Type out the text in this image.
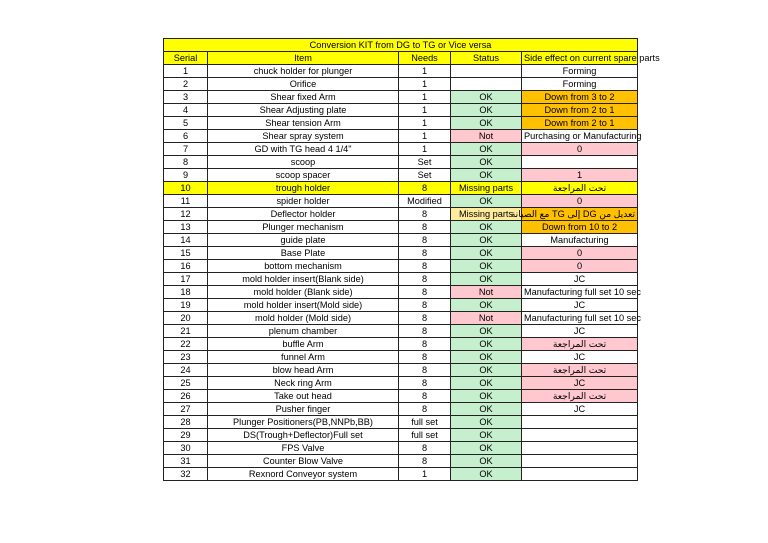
Conversion KIT from DG to TG or Vice versa				
Serial	Item	Needs	Status	Side effect on current spare parts
1	chuck holder for plunger	1		Forming
2	Orifice	1		Forming
3	Shear fixed Arm	1	OK	Down from 3 to 2
4	Shear Adjusting plate	1	OK	Down from 2 to 1
5	Shear tension Arm	1	OK	Down from 2 to 1
6	Shear spray system	1	Not	Purchasing or Manufacturing
7	GD with TG head 4 1/4"	1	OK	0
8	scoop	Set	OK	
9	scoop spacer	Set	OK	1
10	trough holder	8	Missing parts	تحت المراجعة
11	spider holder	Modified	OK	0
12	Deflector holder	8	Missing parts	تعديل من DG إلى TG مع الصيانة
13	Plunger mechanism	8	OK	Down from 10 to 2
14	guide plate	8	OK	Manufacturing
15	Base Plate	8	OK	0
16	bottom mechanism	8	OK	0
17	mold holder insert(Blank side)	8	OK	JC
18	mold holder (Blank side)	8	Not	Manufacturing full set 10 sec
19	mold holder insert(Mold side)	8	OK	JC
20	mold holder (Mold side)	8	Not	Manufacturing full set 10 sec
21	plenum chamber	8	OK	JC
22	buffle Arm	8	OK	تحت المراجعة
23	funnel Arm	8	OK	JC
24	blow head Arm	8	OK	تحت المراجعة
25	Neck ring Arm	8	OK	JC
26	Take out head	8	OK	تحت المراجعة
27	Pusher finger	8	OK	JC
28	Plunger Positioners(PB,NNPb,BB)	full set	OK	
29	DS(Trough+Deflector)Full set	full set	OK	
30	FPS Valve	8	OK	
31	Counter Blow Valve	8	OK	
32	Rexnord Conveyor system	1	OK	
